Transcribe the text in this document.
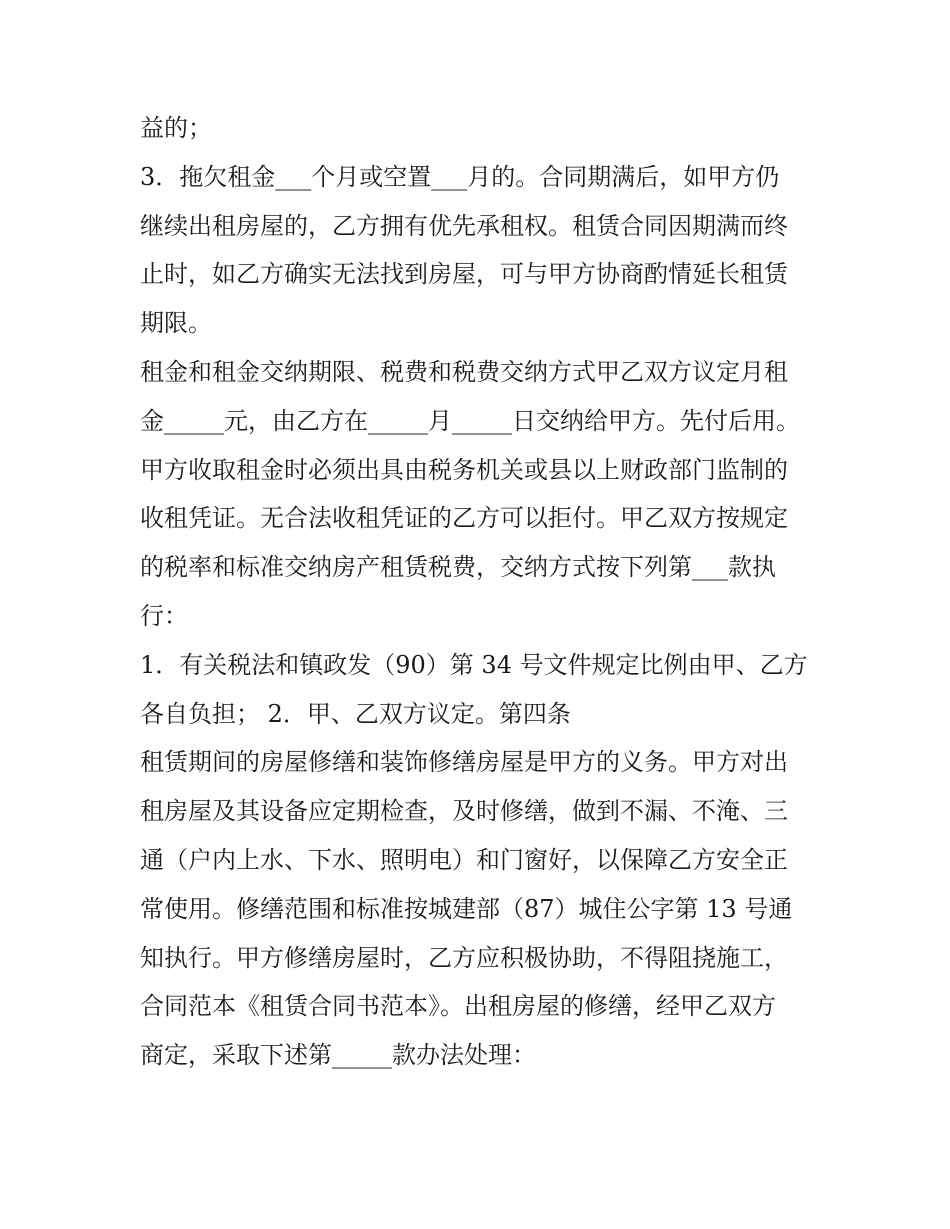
益的；
3．拖欠租金___个月或空置___月的。合同期满后，如甲方仍
继续出租房屋的，乙方拥有优先承租权。租赁合同因期满而终
止时，如乙方确实无法找到房屋，可与甲方协商酌情延长租赁
期限。
租金和租金交纳期限、税费和税费交纳方式甲乙双方议定月租
金_____元，由乙方在_____月_____日交纳给甲方。先付后用。
甲方收取租金时必须出具由税务机关或县以上财政部门监制的
收租凭证。无合法收租凭证的乙方可以拒付。甲乙双方按规定
的税率和标准交纳房产租赁税费，交纳方式按下列第___款执
行：
1．有关税法和镇政发（90）第 34 号文件规定比例由甲、乙方
各自负担； 2．甲、乙双方议定。第四条
租赁期间的房屋修缮和装饰修缮房屋是甲方的义务。甲方对出
租房屋及其设备应定期检查，及时修缮，做到不漏、不淹、三
通（户内上水、下水、照明电）和门窗好，以保障乙方安全正
常使用。修缮范围和标准按城建部（87）城住公字第 13 号通
知执行。甲方修缮房屋时，乙方应积极协助，不得阻挠施工，
合同范本《租赁合同书范本》。出租房屋的修缮，经甲乙双方
商定，采取下述第_____款办法处理：
